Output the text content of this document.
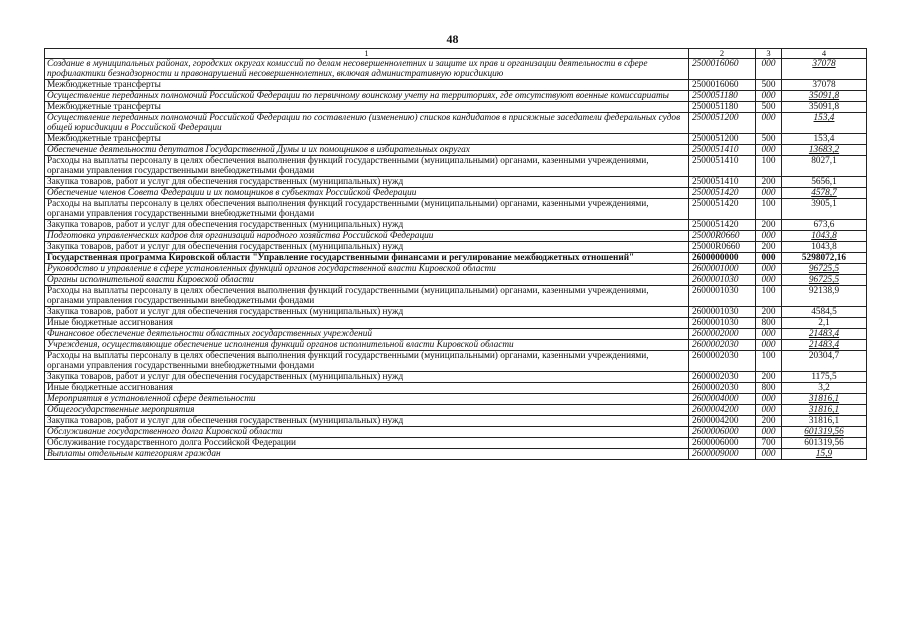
48
1	2	3	4
Создание в муниципальных районах, городских округах комиссий по делам несовершеннолетних и защите их прав и организации деятельности в сфере профилактики безнадзорности и правонарушений несовершеннолетних, включая административную юрисдикцию	2500016060	000	37078
Межбюджетные трансферты	2500016060	500	37078
Осуществление переданных полномочий Российской Федерации по первичному воинскому учету на территориях, где отсутствуют военные комиссариаты	2500051180	000	35091,8
Межбюджетные трансферты	2500051180	500	35091,8
Осуществление переданных полномочий Российской Федерации по составлению (изменению) списков кандидатов в присяжные заседатели федеральных судов общей юрисдикции в Российской Федерации	2500051200	000	153,4
Межбюджетные трансферты	2500051200	500	153,4
Обеспечение деятельности депутатов Государственной Думы и их помощников в избирательных округах	2500051410	000	13683,2
Расходы на выплаты персоналу в целях обеспечения выполнения функций государственными (муниципальными) органами, казенными учреждениями, органами управления государственными внебюджетными фондами	2500051410	100	8027,1
Закупка товаров, работ и услуг для обеспечения государственных (муниципальных) нужд	2500051410	200	5656,1
Обеспечение членов Совета Федерации и их помощников в субъектах Российской Федерации	2500051420	000	4578,7
Расходы на выплаты персоналу в целях обеспечения выполнения функций государственными (муниципальными) органами, казенными учреждениями, органами управления государственными внебюджетными фондами	2500051420	100	3905,1
Закупка товаров, работ и услуг для обеспечения государственных (муниципальных) нужд	2500051420	200	673,6
Подготовка управленческих кадров для организаций народного хозяйства Российской Федерации	25000R0660	000	1043,8
Закупка товаров, работ и услуг для обеспечения государственных (муниципальных) нужд	25000R0660	200	1043,8
Государственная программа Кировской области "Управление государственными финансами и регулирование межбюджетных отношений"	2600000000	000	5298072,16
Руководство и управление в сфере установленных функций органов государственной власти Кировской области	2600001000	000	96725,5
Органы исполнительной власти Кировской области	2600001030	000	96725,5
Расходы на выплаты персоналу в целях обеспечения выполнения функций государственными (муниципальными) органами, казенными учреждениями, органами управления государственными внебюджетными фондами	2600001030	100	92138,9
Закупка товаров, работ и услуг для обеспечения государственных (муниципальных) нужд	2600001030	200	4584,5
Иные бюджетные ассигнования	2600001030	800	2,1
Финансовое обеспечение деятельности областных государственных учреждений	2600002000	000	21483,4
Учреждения, осуществляющие обеспечение исполнения функций органов исполнительной власти Кировской области	2600002030	000	21483,4
Расходы на выплаты персоналу в целях обеспечения выполнения функций государственными (муниципальными) органами, казенными учреждениями, органами управления государственными внебюджетными фондами	2600002030	100	20304,7
Закупка товаров, работ и услуг для обеспечения государственных (муниципальных) нужд	2600002030	200	1175,5
Иные бюджетные ассигнования	2600002030	800	3,2
Мероприятия в установленной сфере деятельности	2600004000	000	31816,1
Общегосударственные мероприятия	2600004200	000	31816,1
Закупка товаров, работ и услуг для обеспечения государственных (муниципальных) нужд	2600004200	200	31816,1
Обслуживание государственного долга Кировской области	2600006000	000	601319,56
Обслуживание государственного долга Российской Федерации	2600006000	700	601319,56
Выплаты отдельным категориям граждан	2600009000	000	15,9
